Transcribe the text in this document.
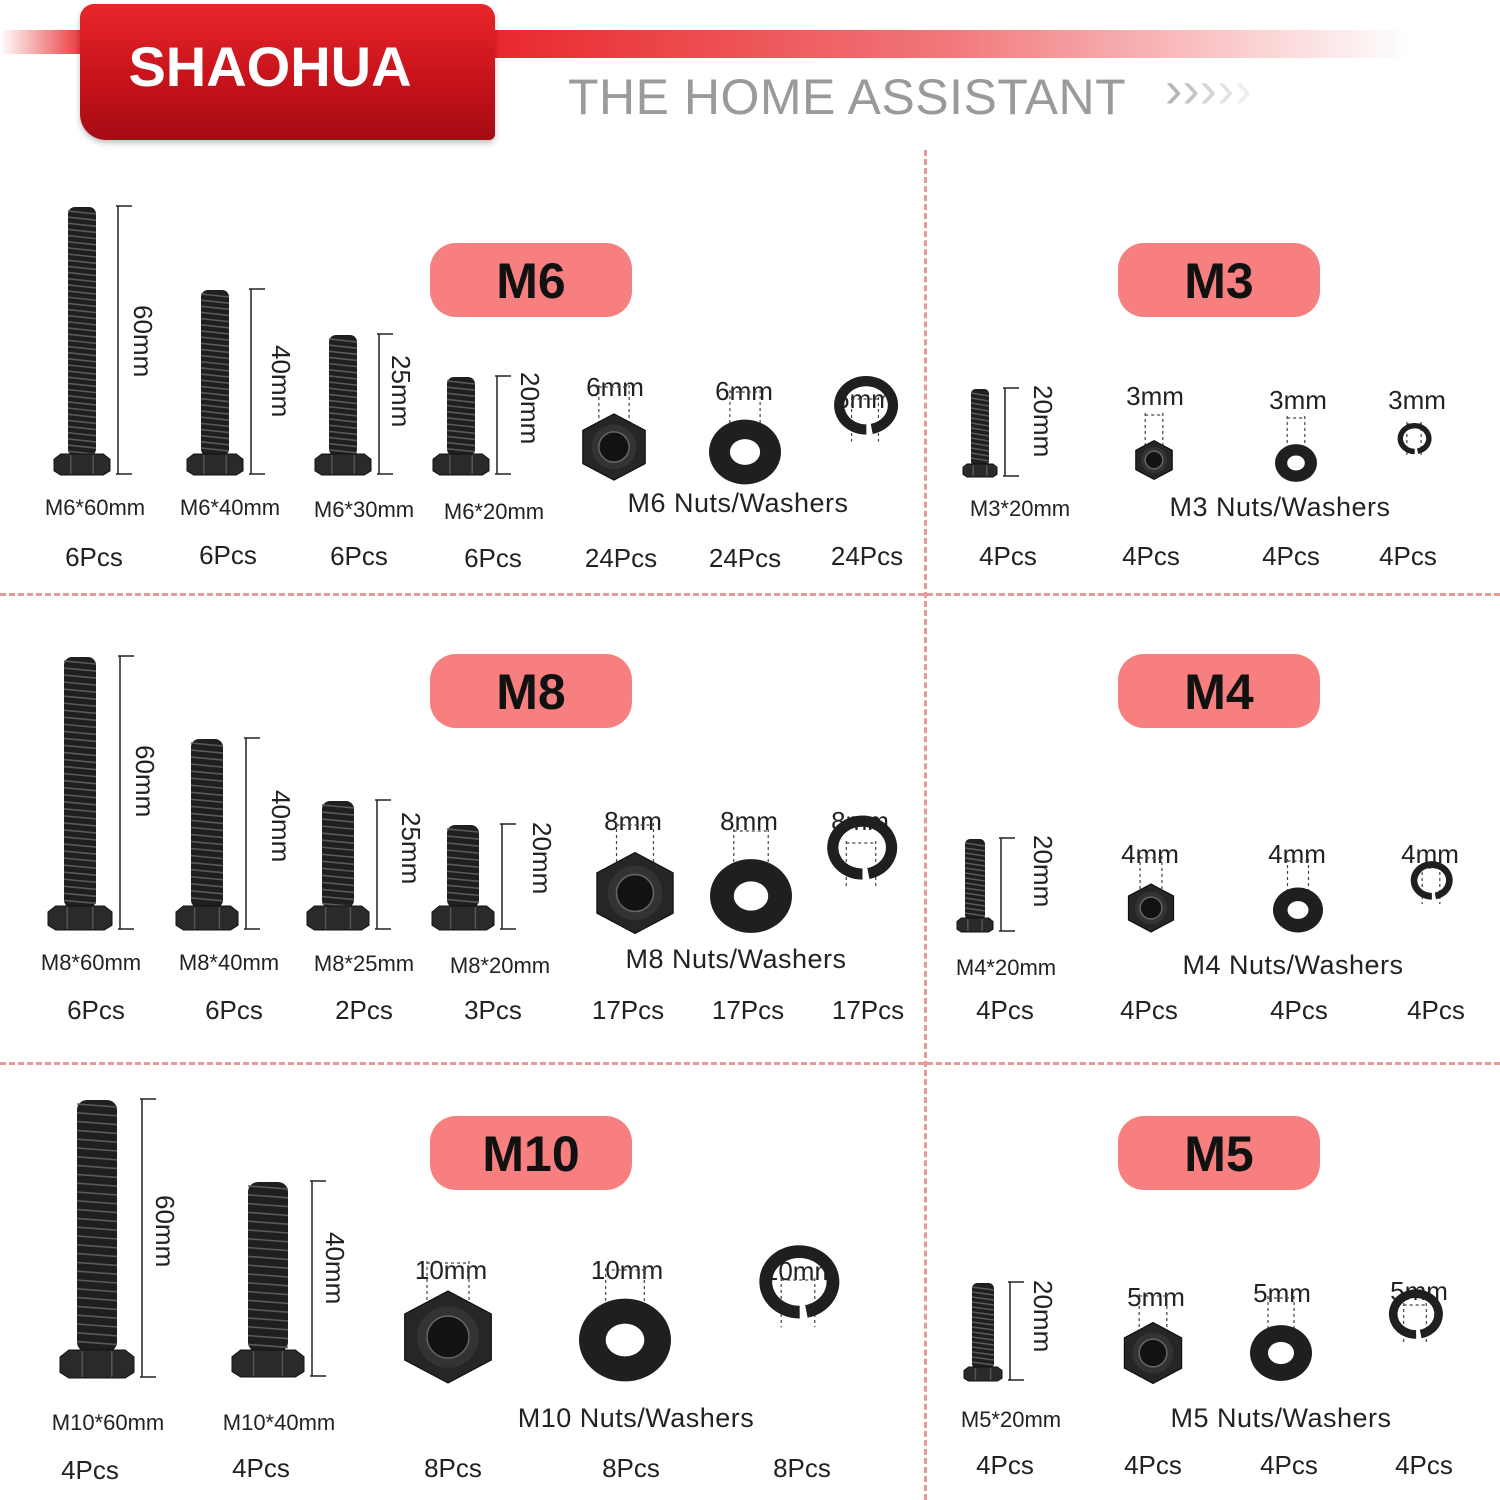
SHAOHUA	THE HOME ASSISTANT ›››››
M6
60mm
M6*60mm
6Pcs
40mm
M6*40mm
6Pcs
25mm
M6*30mm
6Pcs
20mm
M6*20mm
6Pcs
6mm	6mm 6mm
M6 Nuts/Washers
24Pcs 24Pcs 24Pcs
M3
20mm
M3*20mm
4Pcs
3mm	3mm 3mm
M3 Nuts/Washers
4Pcs	4Pcs 4Pcs
M8
60mm
M8*60mm
6Pcs
40mm
M8*40mm
6Pcs
25mm
M8*25mm
2Pcs
20mm
M8*20mm
3Pcs
8mm 8mm 8mm
M8 Nuts/Washers
17Pcs 17Pcs 17Pcs
M4
20mm
M4*20mm
4Pcs
4mm	4mm	4mm
M4 Nuts/Washers
4Pcs	4Pcs	4Pcs
M10
60mm
M10*60mm
4Pcs
40mm
M10*40mm
4Pcs
10mm	10mm	10mm
M10 Nuts/Washers
8Pcs	8Pcs	8Pcs
M5
20mm
M5*20mm
4Pcs
5mm	5mm	5mm
M5 Nuts/Washers
4Pcs	4Pcs	4Pcs
